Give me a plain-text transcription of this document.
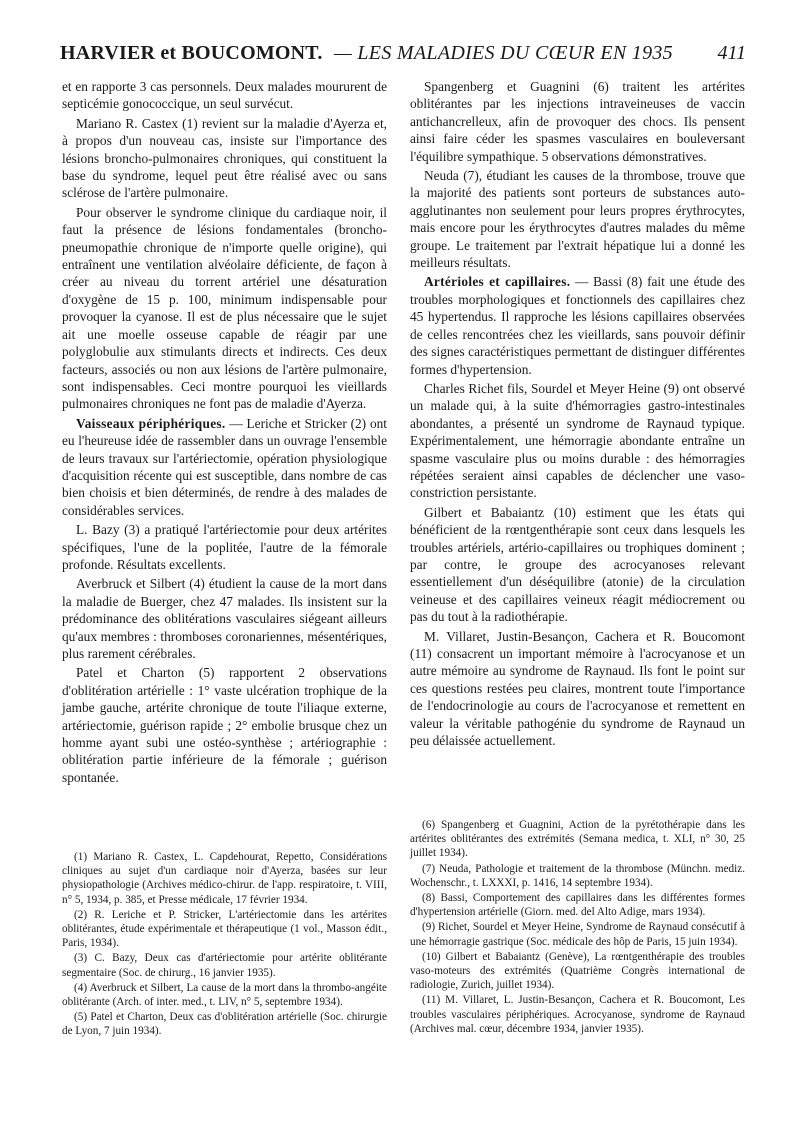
HARVIER et BOUCOMONT. — LES MALADIES DU CŒUR EN 1935 411

et en rapporte 3 cas personnels. Deux malades moururent de septicémie gonococcique, un seul survécut.

Mariano R. Castex (1) revient sur la maladie d'Ayerza et, à propos d'un nouveau cas, insiste sur l'importance des lésions broncho-pulmonaires chroniques, qui constituent la base du syndrome, lequel peut être réalisé avec ou sans sclérose de l'artère pulmonaire.

Pour observer le syndrome clinique du cardiaque noir, il faut la présence de lésions fondamentales (broncho-pneumopathie chronique de n'importe quelle origine), qui entraînent une ventilation alvéolaire déficiente, de façon à créer au niveau du torrent artériel une désaturation d'oxygène de 15 p. 100, minimum indispensable pour provoquer la cyanose. Il est de plus nécessaire que le sujet ait une moelle osseuse capable de réagir par une polyglobulie aux stimulants directs et indirects. Ces deux facteurs, associés ou non aux lésions de l'artère pulmonaire, sont indispensables. Ceci montre pourquoi les vieillards pulmonaires chroniques ne font pas de maladie d'Ayerza.

Vaisseaux périphériques. — Leriche et Stricker (2) ont eu l'heureuse idée de rassembler dans un ouvrage l'ensemble de leurs travaux sur l'artériectomie, opération physiologique d'acquisition récente qui est susceptible, dans nombre de cas bien choisis et bien déterminés, de rendre à des malades de considérables services.

L. Bazy (3) a pratiqué l'artériectomie pour deux artérites spécifiques, l'une de la poplitée, l'autre de la fémorale profonde. Résultats excellents.

Averbruck et Silbert (4) étudient la cause de la mort dans la maladie de Buerger, chez 47 malades. Ils insistent sur la prédominance des oblitérations vasculaires siégeant ailleurs qu'aux membres : thromboses coronariennes, mésentériques, plus rarement cérébrales.

Patel et Charton (5) rapportent 2 observations d'oblitération artérielle : 1° vaste ulcération trophique de la jambe gauche, artérite chronique de toute l'iliaque externe, artériectomie, guérison rapide ; 2° embolie brusque chez un homme ayant subi une ostéo-synthèse ; artériographie : oblitération partie inférieure de la fémorale ; guérison spontanée.

Spangenberg et Guagnini (6) traitent les artérites oblitérantes par les injections intraveineuses de vaccin antichancrelleux, afin de provoquer des chocs. Ils pensent ainsi faire céder les spasmes vasculaires en bouleversant l'équilibre sympathique. 5 observations démonstratives.

Neuda (7), étudiant les causes de la thrombose, trouve que la majorité des patients sont porteurs de substances auto-agglutinantes non seulement pour leurs propres érythrocytes, mais encore pour les érythrocytes d'autres malades du même groupe. Le traitement par l'extrait hépatique lui a donné les meilleurs résultats.

Artérioles et capillaires. — Bassi (8) fait une étude des troubles morphologiques et fonctionnels des capillaires chez 45 hypertendus. Il rapproche les lésions capillaires observées de celles rencontrées chez les vieillards, sans pouvoir définir des signes caractéristiques permettant de distinguer différentes formes d'hypertension.

Charles Richet fils, Sourdel et Meyer Heine (9) ont observé un malade qui, à la suite d'hémorragies gastro-intestinales abondantes, a présenté un syndrome de Raynaud typique. Expérimentalement, une hémorragie abondante entraîne un spasme vasculaire plus ou moins durable : des hémorragies répétées seraient ainsi capables de déclencher une vaso-constriction persistante.

Gilbert et Babaiantz (10) estiment que les états qui bénéficient de la rœntgenthérapie sont ceux dans lesquels les troubles artériels, artério-capillaires ou trophiques dominent ; par contre, le groupe des acrocyanoses relevant essentiellement d'un déséquilibre (atonie) de la circulation veineuse et des capillaires veineux réagit médiocrement ou pas du tout à la radiothérapie.

M. Villaret, Justin-Besançon, Cachera et R. Boucomont (11) consacrent un important mémoire à l'acrocyanose et un autre mémoire au syndrome de Raynaud. Ils font le point sur ces questions restées peu claires, montrent toute l'importance de l'endocrinologie au cours de l'acrocyanose et remettent en valeur la véritable pathogénie du syndrome de Raynaud un peu délaissée actuellement.

(1) Mariano R. Castex, L. Capdehourat, Repetto, Considérations cliniques au sujet d'un cardiaque noir d'Ayerza, basées sur leur physiopathologie (Archives médico-chirur. de l'app. respiratoire, t. VIII, n° 5, 1934, p. 385, et Presse médicale, 17 février 1934.

(2) R. Leriche et P. Stricker, L'artériectomie dans les artérites oblitérantes, étude expérimentale et thérapeutique (1 vol., Masson édit., Paris, 1934).

(3) C. Bazy, Deux cas d'artériectomie pour artérite oblitérante segmentaire (Soc. de chirurg., 16 janvier 1935).

(4) Averbruck et Silbert, La cause de la mort dans la thrombo-angéite oblitérante (Arch. of inter. med., t. LIV, n° 5, septembre 1934).

(5) Patel et Charton, Deux cas d'oblitération artérielle (Soc. chirurgie de Lyon, 7 juin 1934).

(6) Spangenberg et Guagnini, Action de la pyrétothérapie dans les artérites oblitérantes des extrémités (Semana medica, t. XLI, n° 30, 25 juillet 1934).

(7) Neuda, Pathologie et traitement de la thrombose (Münchn. mediz. Wochenschr., t. LXXXI, p. 1416, 14 septembre 1934).

(8) Bassi, Comportement des capillaires dans les différentes formes d'hypertension artérielle (Giorn. med. del Alto Adige, mars 1934).

(9) Richet, Sourdel et Meyer Heine, Syndrome de Raynaud consécutif à une hémorragie gastrique (Soc. médicale des hôp de Paris, 15 juin 1934).

(10) Gilbert et Babaiantz (Genève), La rœntgenthérapie des troubles vaso-moteurs des extrémités (Quatrième Congrès international de radiologie, Zurich, juillet 1934).

(11) M. Villaret, L. Justin-Besançon, Cachera et R. Boucomont, Les troubles vasculaires périphériques. Acrocyanose, syndrome de Raynaud (Archives mal. cœur, décembre 1934, janvier 1935).
